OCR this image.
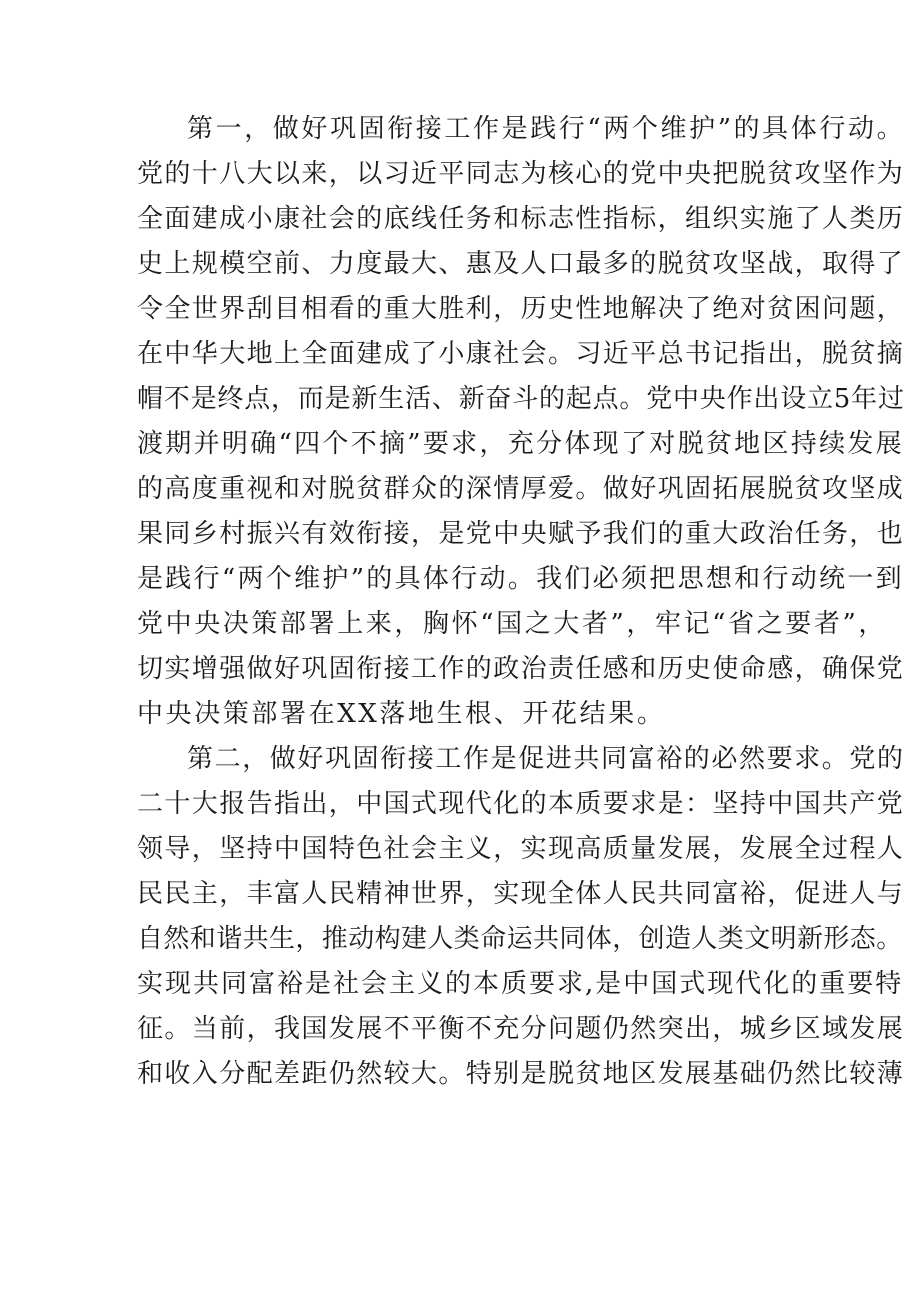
第一，做好巩固衔接工作是践行“两个维护”的具体行动。
党的十八大以来，以习近平同志为核心的党中央把脱贫攻坚作为
全面建成小康社会的底线任务和标志性指标，组织实施了人类历
史上规模空前、力度最大、惠及人口最多的脱贫攻坚战，取得了
令全世界刮目相看的重大胜利，历史性地解决了绝对贫困问题，
在中华大地上全面建成了小康社会。习近平总书记指出，脱贫摘
帽不是终点，而是新生活、新奋斗的起点。党中央作出设立5年过
渡期并明确“四个不摘”要求，充分体现了对脱贫地区持续发展
的高度重视和对脱贫群众的深情厚爱。做好巩固拓展脱贫攻坚成
果同乡村振兴有效衔接，是党中央赋予我们的重大政治任务，也
是践行“两个维护”的具体行动。我们必须把思想和行动统一到
党中央决策部署上来，胸怀“国之大者”，牢记“省之要者”，
切实增强做好巩固衔接工作的政治责任感和历史使命感，确保党
中央决策部署在XX落地生根、开花结果。
第二，做好巩固衔接工作是促进共同富裕的必然要求。党的
二十大报告指出，中国式现代化的本质要求是：坚持中国共产党
领导，坚持中国特色社会主义，实现高质量发展，发展全过程人
民民主，丰富人民精神世界，实现全体人民共同富裕，促进人与
自然和谐共生，推动构建人类命运共同体，创造人类文明新形态。
实现共同富裕是社会主义的本质要求,是中国式现代化的重要特
征。当前，我国发展不平衡不充分问题仍然突出，城乡区域发展
和收入分配差距仍然较大。特别是脱贫地区发展基础仍然比较薄
